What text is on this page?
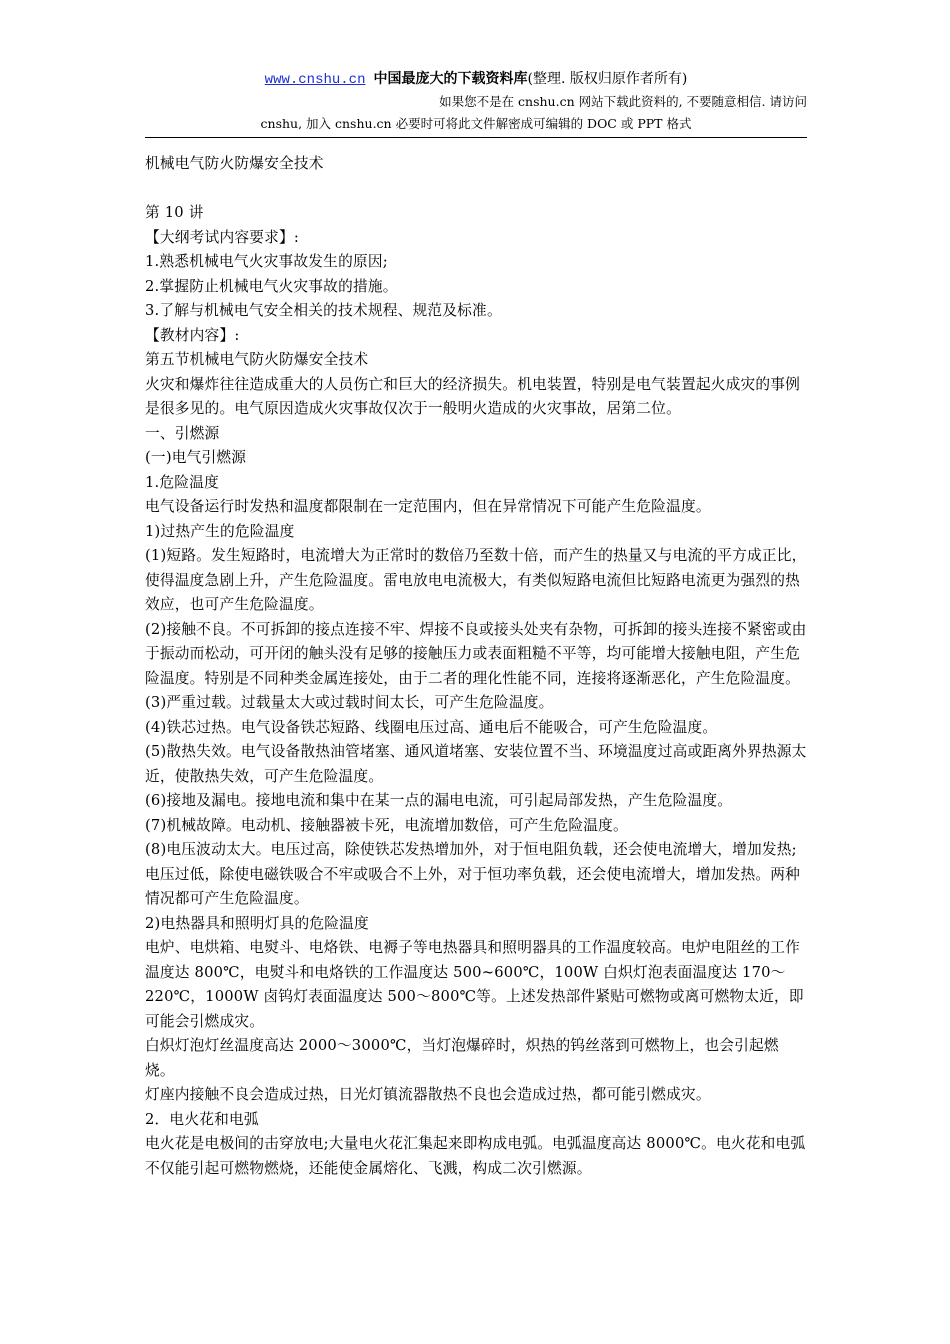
www.cnshu.cn 中国最庞大的下载资料库(整理. 版权归原作者所有)
如果您不是在 cnshu.cn 网站下载此资料的, 不要随意相信. 请访问
cnshu, 加入 cnshu.cn 必要时可将此文件解密成可编辑的 DOC 或 PPT 格式

机械电气防火防爆安全技术

第 10 讲

【大纲考试内容要求】:

1.熟悉机械电气火灾事故发生的原因;

2.掌握防止机械电气火灾事故的措施。

3.了解与机械电气安全相关的技术规程、规范及标准。

【教材内容】:

第五节机械电气防火防爆安全技术

火灾和爆炸往往造成重大的人员伤亡和巨大的经济损失。机电装置，特别是电气装置起火成灾的事例是很多见的。电气原因造成火灾事故仅次于一般明火造成的火灾事故，居第二位。

一、引燃源

(一)电气引燃源

1.危险温度

电气设备运行时发热和温度都限制在一定范围内，但在异常情况下可能产生危险温度。

1)过热产生的危险温度

(1)短路。发生短路时，电流增大为正常时的数倍乃至数十倍，而产生的热量又与电流的平方成正比，使得温度急剧上升，产生危险温度。雷电放电电流极大，有类似短路电流但比短路电流更为强烈的热效应，也可产生危险温度。

(2)接触不良。不可拆卸的接点连接不牢、焊接不良或接头处夹有杂物，可拆卸的接头连接不紧密或由于振动而松动，可开闭的触头没有足够的接触压力或表面粗糙不平等，均可能增大接触电阻，产生危险温度。特别是不同种类金属连接处，由于二者的理化性能不同，连接将逐渐恶化，产生危险温度。

(3)严重过载。过载量太大或过载时间太长，可产生危险温度。

(4)铁芯过热。电气设备铁芯短路、线圈电压过高、通电后不能吸合，可产生危险温度。

(5)散热失效。电气设备散热油管堵塞、通风道堵塞、安装位置不当、环境温度过高或距离外界热源太近，使散热失效，可产生危险温度。

(6)接地及漏电。接地电流和集中在某一点的漏电电流，可引起局部发热，产生危险温度。

(7)机械故障。电动机、接触器被卡死，电流增加数倍，可产生危险温度。

(8)电压波动太大。电压过高，除使铁芯发热增加外，对于恒电阻负载，还会使电流增大，增加发热;电压过低，除使电磁铁吸合不牢或吸合不上外，对于恒功率负载，还会使电流增大，增加发热。两种情况都可产生危险温度。

2)电热器具和照明灯具的危险温度

电炉、电烘箱、电熨斗、电烙铁、电褥子等电热器具和照明器具的工作温度较高。电炉电阻丝的工作温度达 800℃，电熨斗和电烙铁的工作温度达 500~600℃，100W 白炽灯泡表面温度达 170～220℃，1000W 卤钨灯表面温度达 500～800℃等。上述发热部件紧贴可燃物或离可燃物太近，即可能会引燃成灾。

白炽灯泡灯丝温度高达 2000～3000℃，当灯泡爆碎时，炽热的钨丝落到可燃物上，也会引起燃烧。

灯座内接触不良会造成过热，日光灯镇流器散热不良也会造成过热，都可能引燃成灾。

2．电火花和电弧

电火花是电极间的击穿放电;大量电火花汇集起来即构成电弧。电弧温度高达 8000℃。电火花和电弧不仅能引起可燃物燃烧，还能使金属熔化、飞溅，构成二次引燃源。
